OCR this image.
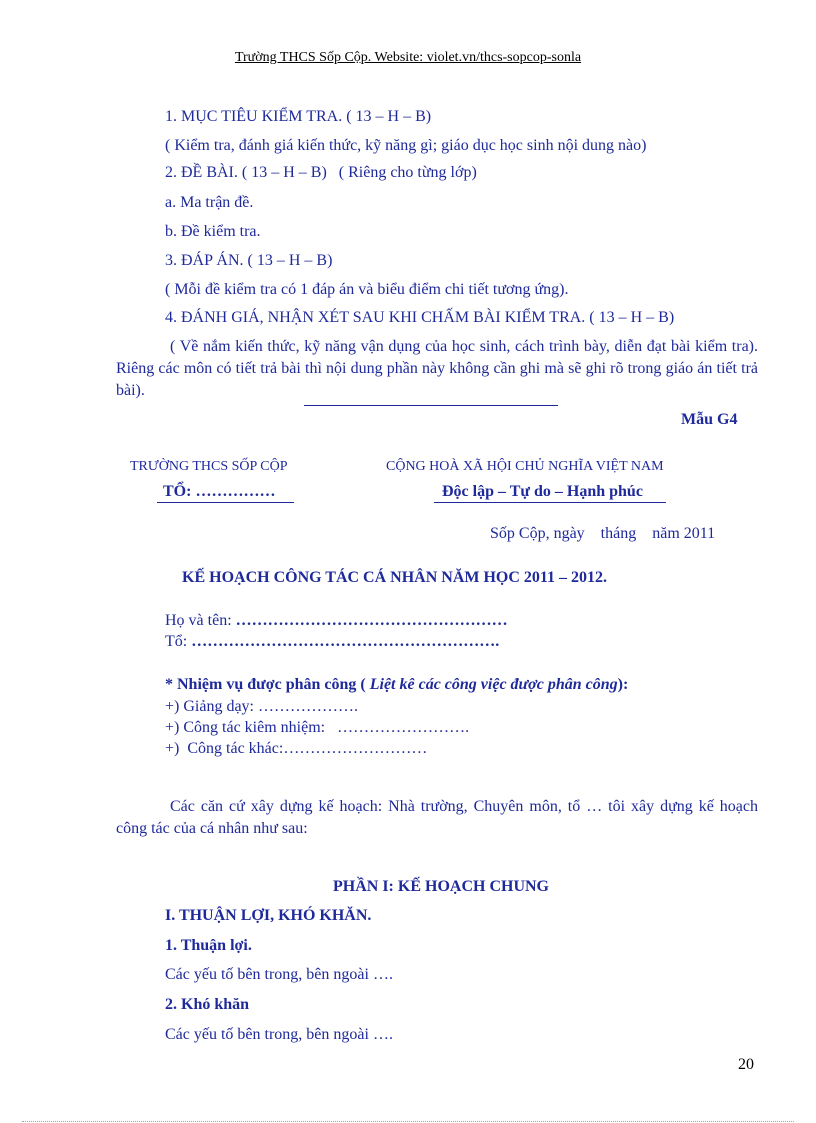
Trường THCS Sốp Cộp. Website: violet.vn/thcs-sopcop-sonla
1. MỤC TIÊU KIỂM TRA. ( 13 – H – B)
( Kiểm tra, đánh giá kiến thức, kỹ năng gì; giáo dục học sinh nội dung nào)
2. ĐỀ BÀI. ( 13 – H – B) ( Riêng cho từng lớp)
a. Ma trận đề.
b. Đề kiểm tra.
3. ĐÁP ÁN. ( 13 – H – B)
( Mỗi đề kiểm tra có 1 đáp án và biểu điểm chi tiết tương ứng).
4. ĐÁNH GIÁ, NHẬN XÉT SAU KHI CHẤM BÀI KIỂM TRA. ( 13 – H – B)
( Về nắm kiến thức, kỹ năng vận dụng của học sinh, cách trình bày, diễn đạt bài kiểm tra). Riêng các môn có tiết trả bài thì nội dung phần này không cần ghi mà sẽ ghi rõ trong giáo án tiết trả bài).
Mẫu G4
TRƯỜNG THCS SỐP CỘP
TỔ: ……………
CỘNG HOÀ XÃ HỘI CHỦ NGHĨA VIỆT NAM
Độc lập – Tự do – Hạnh phúc
Sốp Cộp, ngày    tháng    năm 2011
KẾ HOẠCH CÔNG TÁC CÁ NHÂN NĂM HỌC 2011 – 2012.
Họ và tên: ……………………………………………
Tổ: ………………………………………………….
* Nhiệm vụ được phân công ( Liệt kê các công việc được phân công):
+) Giảng dạy: ……………….
+) Công tác kiêm nhiệm:   …………………….
+)  Công tác khác:………………………
Các căn cứ xây dựng kế hoạch: Nhà trường, Chuyên môn, tổ … tôi xây dựng kế hoạch công tác của cá nhân như sau:
PHẦN I: KẾ HOẠCH CHUNG
I. THUẬN LỢI, KHÓ KHĂN.
1. Thuận lợi.
Các yếu tố bên trong, bên ngoài ….
2. Khó khăn
Các yếu tố bên trong, bên ngoài ….
20
